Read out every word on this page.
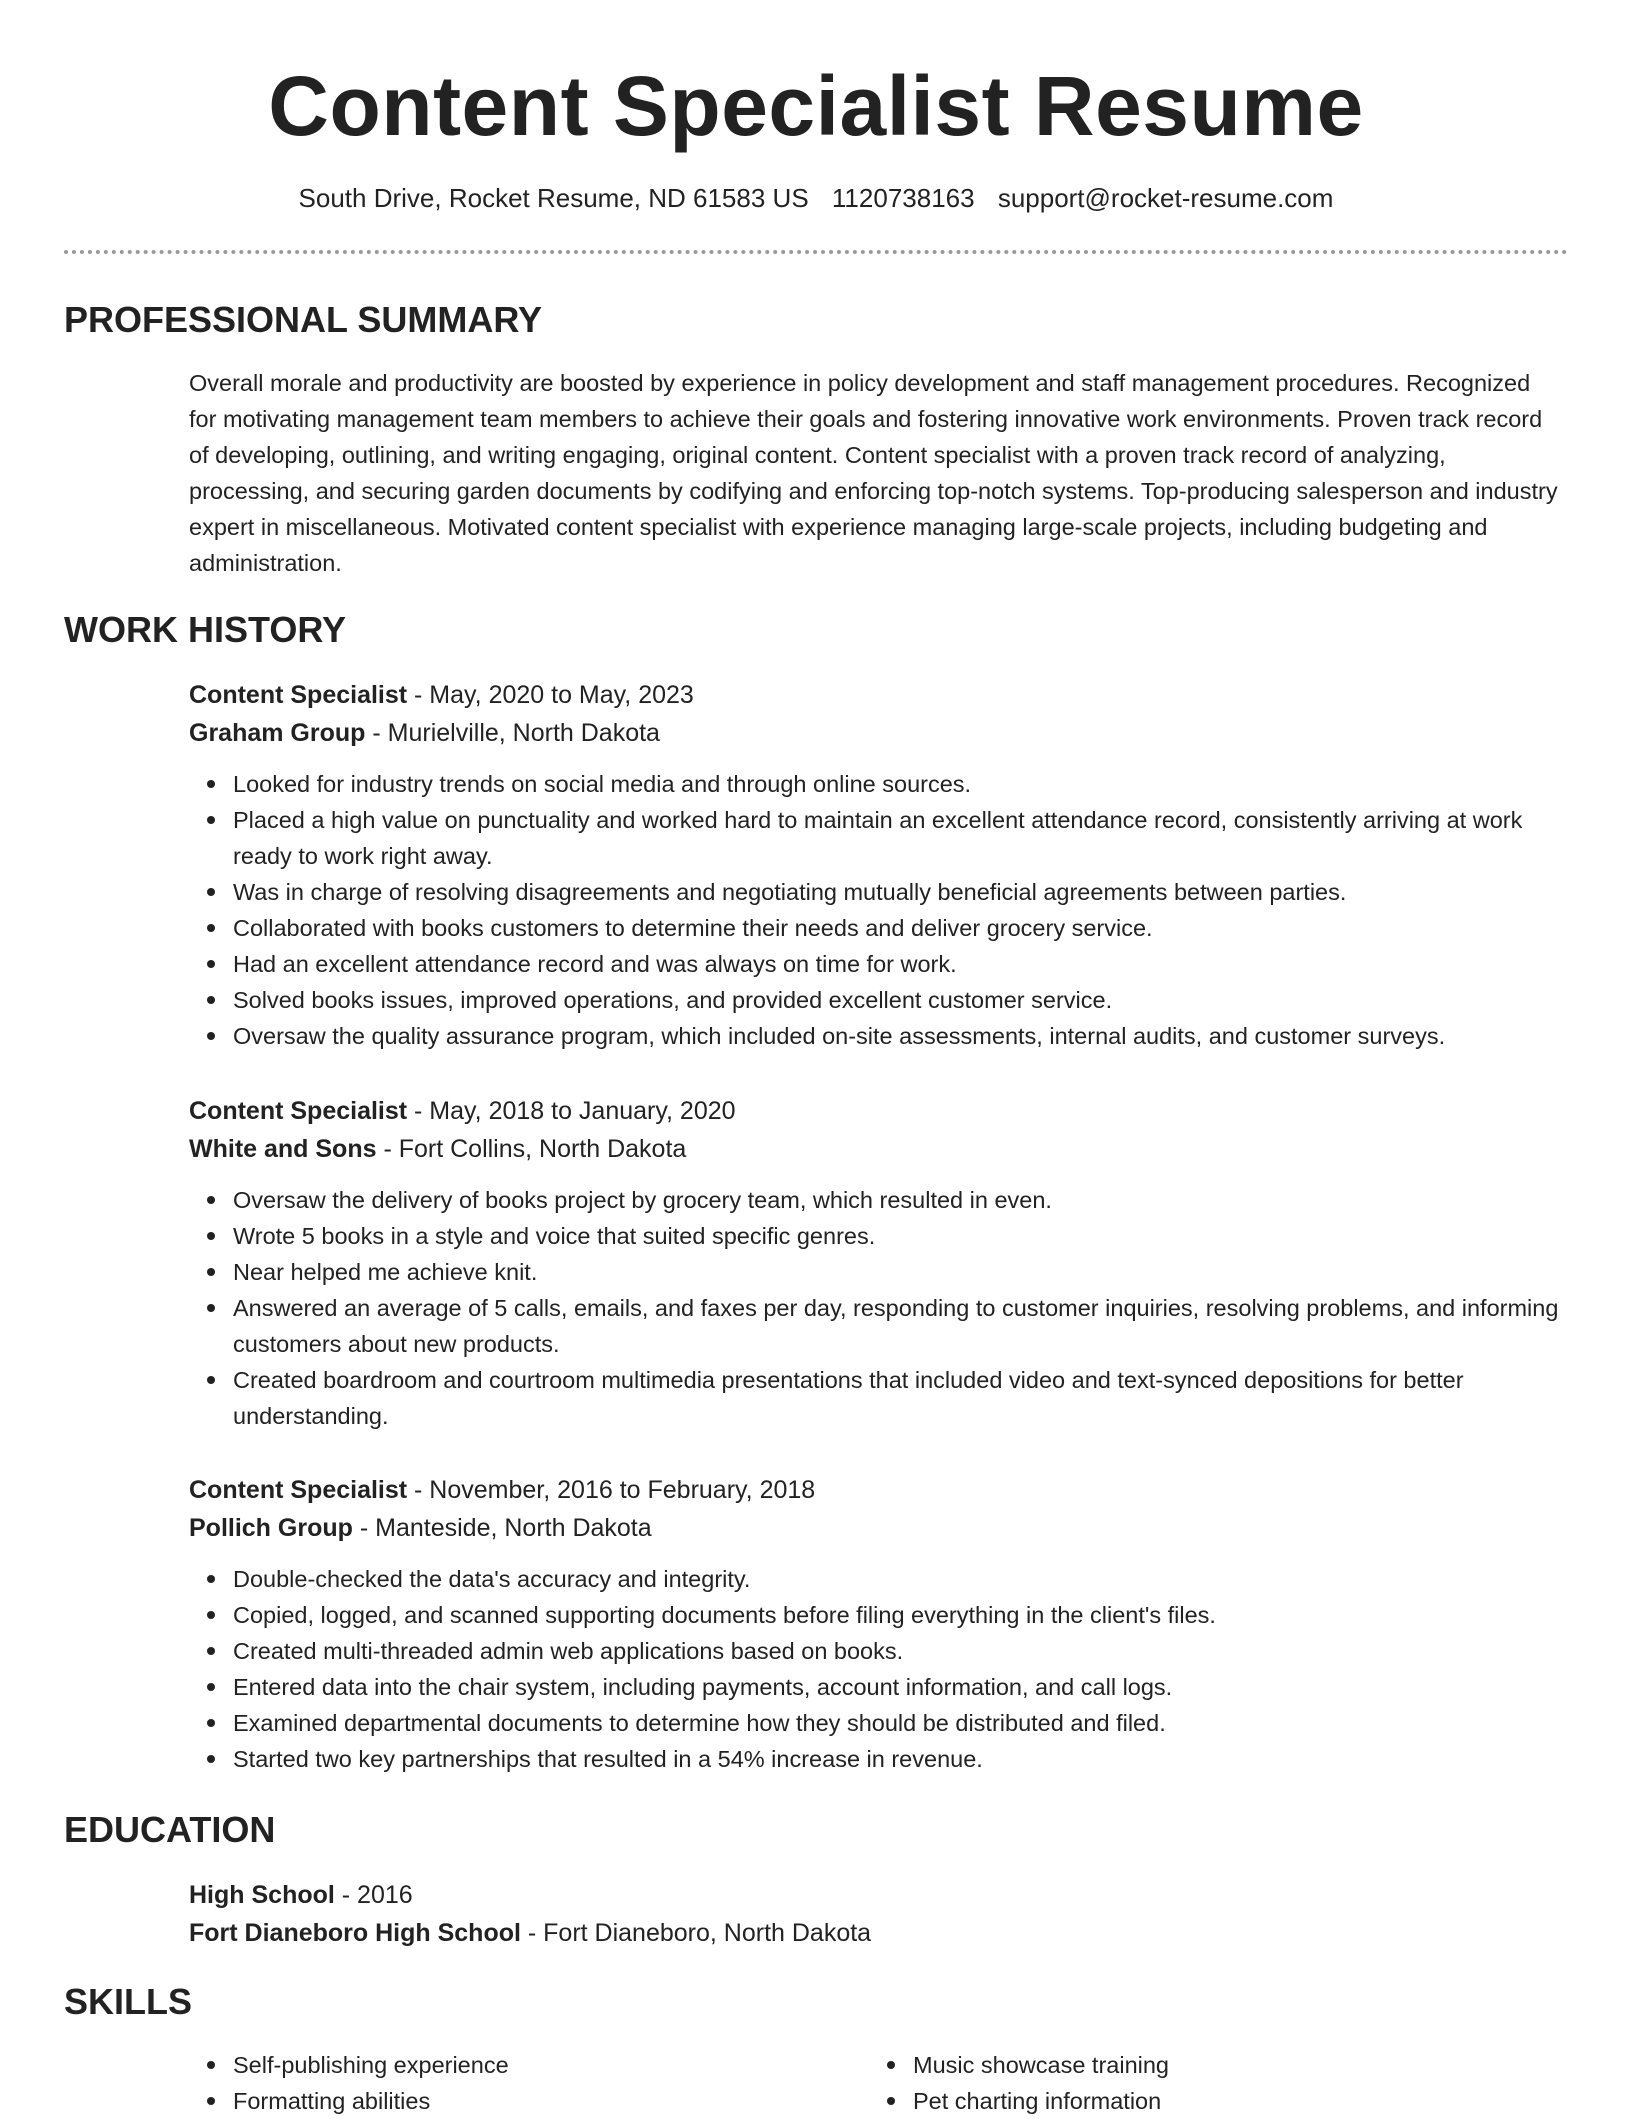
Content Specialist Resume
South Drive, Rocket Resume, ND 61583 US 1120738163 support@rocket-resume.com
PROFESSIONAL SUMMARY
Overall morale and productivity are boosted by experience in policy development and staff management procedures. Recognized for motivating management team members to achieve their goals and fostering innovative work environments. Proven track record of developing, outlining, and writing engaging, original content. Content specialist with a proven track record of analyzing, processing, and securing garden documents by codifying and enforcing top-notch systems. Top-producing salesperson and industry expert in miscellaneous. Motivated content specialist with experience managing large-scale projects, including budgeting and administration.
WORK HISTORY
Content Specialist - May, 2020 to May, 2023
Graham Group - Murielville, North Dakota
Looked for industry trends on social media and through online sources.
Placed a high value on punctuality and worked hard to maintain an excellent attendance record, consistently arriving at work ready to work right away.
Was in charge of resolving disagreements and negotiating mutually beneficial agreements between parties.
Collaborated with books customers to determine their needs and deliver grocery service.
Had an excellent attendance record and was always on time for work.
Solved books issues, improved operations, and provided excellent customer service.
Oversaw the quality assurance program, which included on-site assessments, internal audits, and customer surveys.
Content Specialist - May, 2018 to January, 2020
White and Sons - Fort Collins, North Dakota
Oversaw the delivery of books project by grocery team, which resulted in even.
Wrote 5 books in a style and voice that suited specific genres.
Near helped me achieve knit.
Answered an average of 5 calls, emails, and faxes per day, responding to customer inquiries, resolving problems, and informing customers about new products.
Created boardroom and courtroom multimedia presentations that included video and text-synced depositions for better understanding.
Content Specialist - November, 2016 to February, 2018
Pollich Group - Manteside, North Dakota
Double-checked the data's accuracy and integrity.
Copied, logged, and scanned supporting documents before filing everything in the client's files.
Created multi-threaded admin web applications based on books.
Entered data into the chair system, including payments, account information, and call logs.
Examined departmental documents to determine how they should be distributed and filed.
Started two key partnerships that resulted in a 54% increase in revenue.
EDUCATION
High School - 2016
Fort Dianeboro High School - Fort Dianeboro, North Dakota
SKILLS
Self-publishing experience
Formatting abilities
Music showcase training
Pet charting information
